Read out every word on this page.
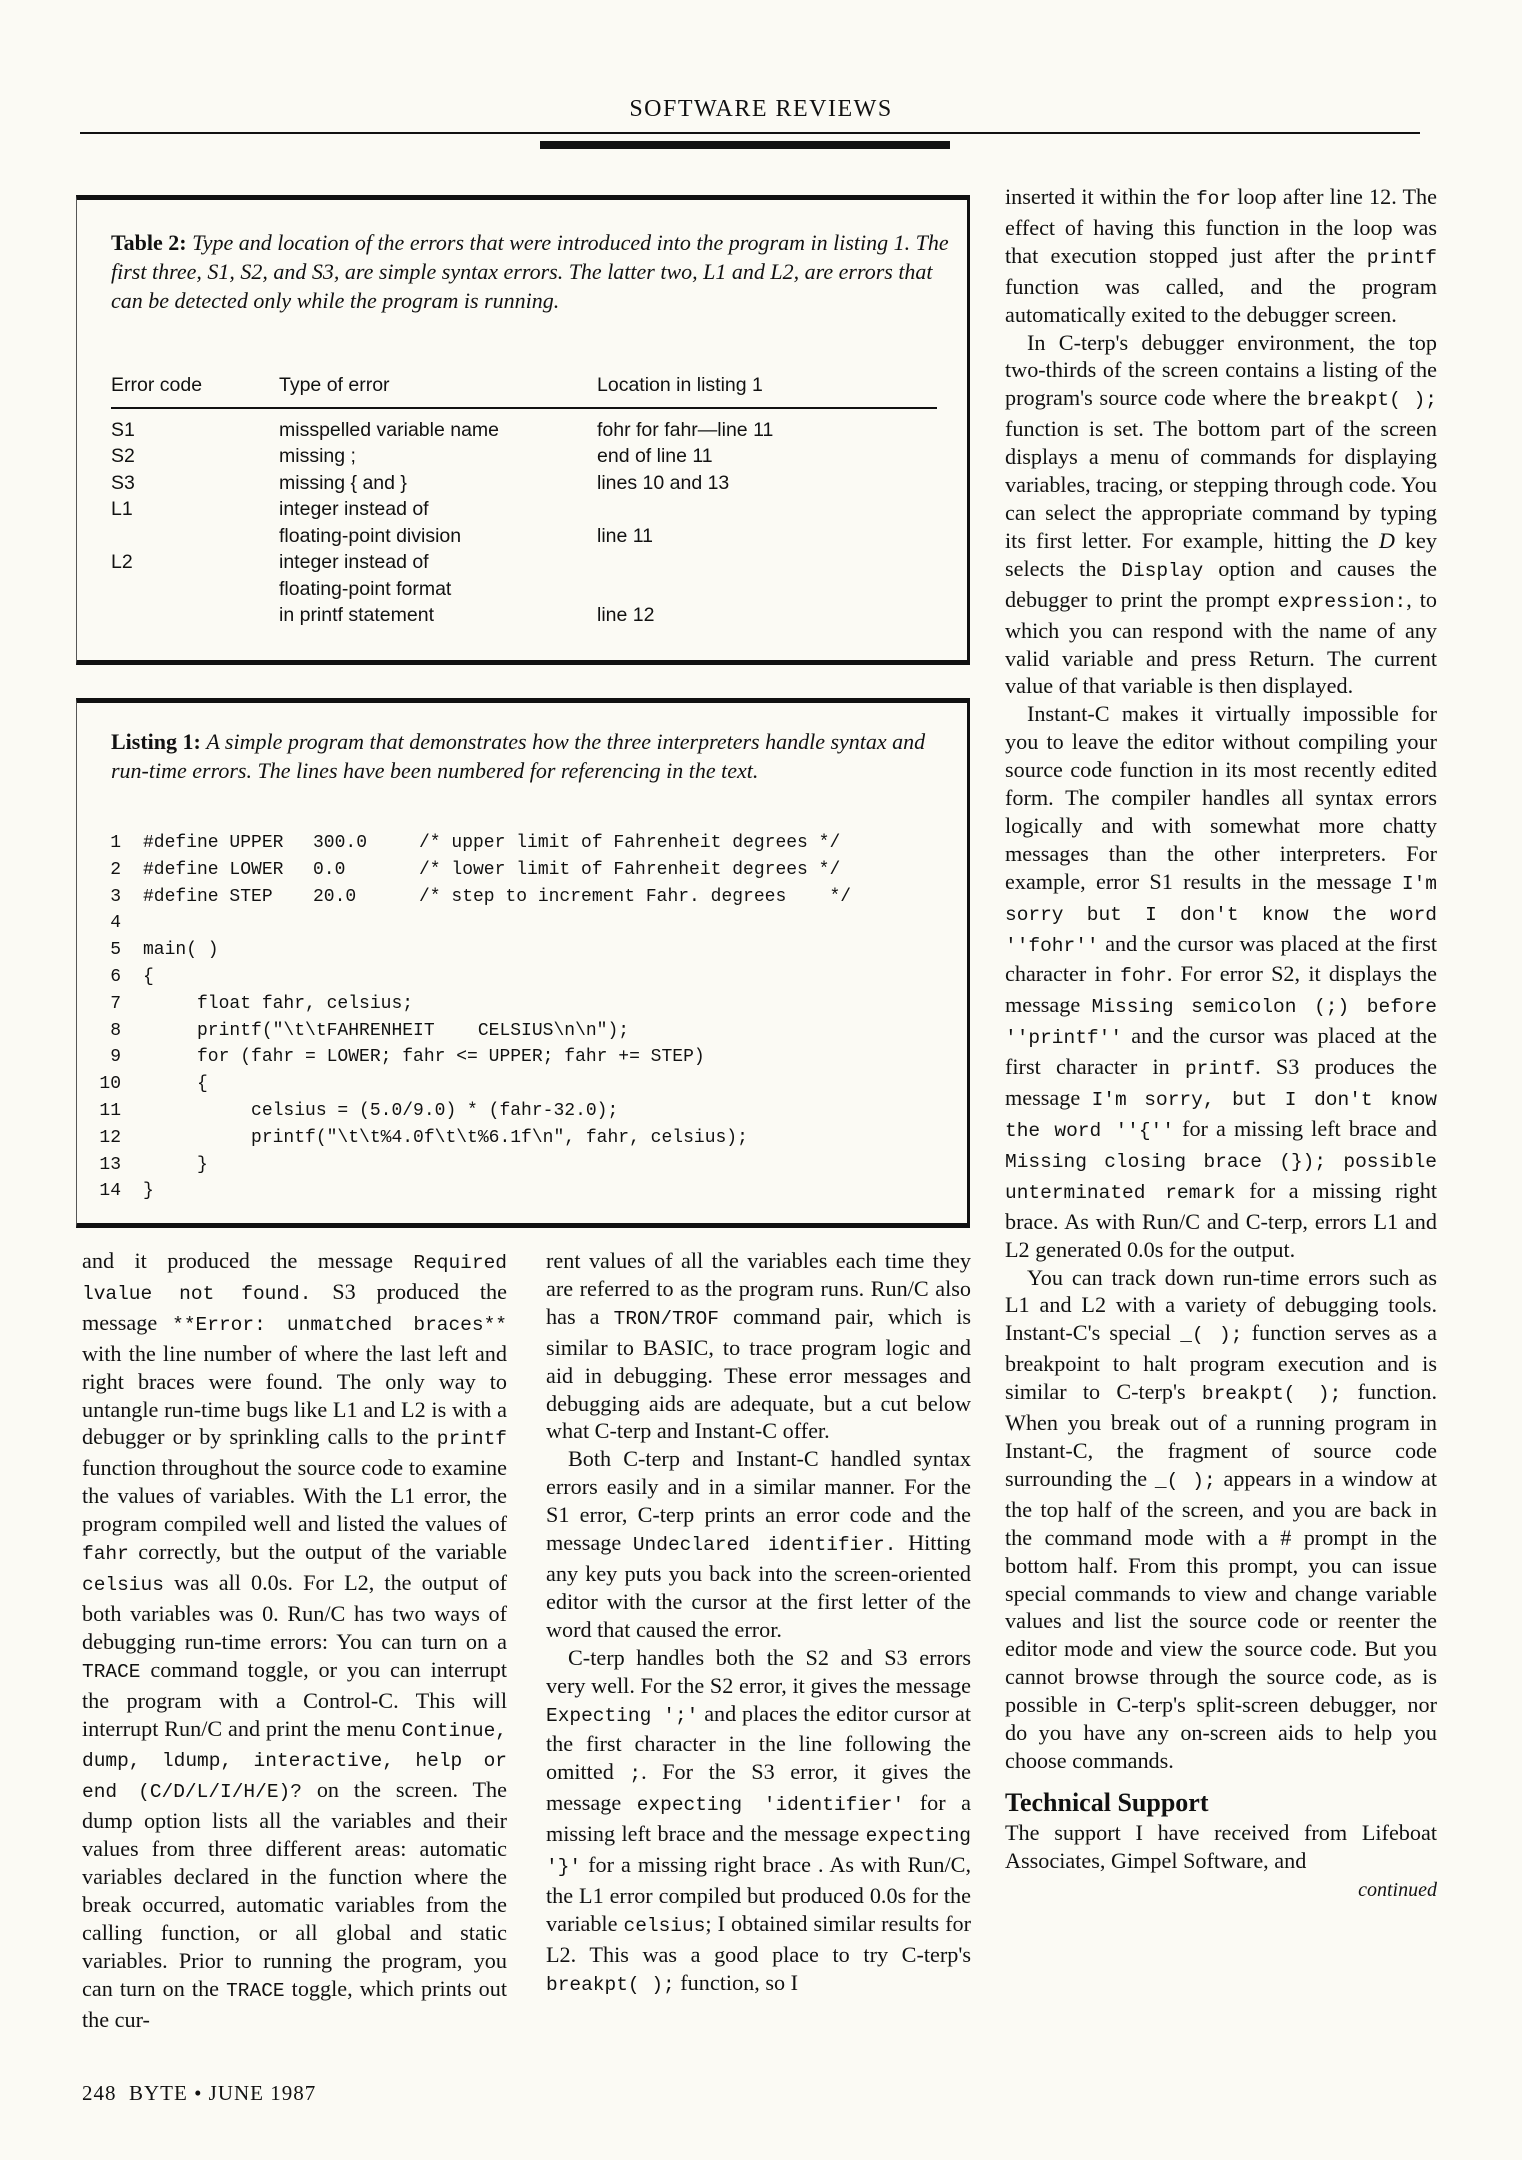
SOFTWARE REVIEWS
Table 2: Type and location of the errors that were introduced into the program in listing 1. The first three, S1, S2, and S3, are simple syntax errors. The latter two, L1 and L2, are errors that can be detected only while the program is running.
Error code	Type of error	Location in listing 1
S1	misspelled variable name	fohr for fahr—line 11
S2	missing ;	end of line 11
S3	missing { and }	lines 10 and 13
L1	integer instead of
floating-point division	line 11

L2	integer instead of
floating-point format
in printf statement	line 12
Listing 1: A simple program that demonstrates how the three interpreters handle syntax and run-time errors. The lines have been numbered for referencing in the text.
1 #define UPPER 300.0	/* upper limit of Fahrenheit degrees */
2 #define LOWER 0.0	/* lower limit of Fahrenheit degrees */
3 #define STEP 20.0	/* step to increment Fahr. degrees    */
4
5 main( )
6 {
7 float fahr, celsius;
8 printf("\t\tFAHRENHEIT    CELSIUS\n\n");
9 for (fahr = LOWER; fahr <= UPPER; fahr += STEP)
10 {
11 celsius = (5.0/9.0) * (fahr-32.0);
12 printf("\t\t%4.0f\t\t%6.1f\n", fahr, celsius);
13 }
14 }

and it produced the message Required lvalue not found. S3 produced the message **Error: unmatched braces** with the line number of where the last left and right braces were found. The only way to untangle run-time bugs like L1 and L2 is with a debugger or by sprinkling calls to the printf function throughout the source code to examine the values of variables. With the L1 error, the program compiled well and listed the values of fahr correctly, but the output of the variable celsius was all 0.0s. For L2, the output of both variables was 0. Run/C has two ways of debugging run-time errors: You can turn on a TRACE command toggle, or you can interrupt the program with a Control-C. This will interrupt Run/C and print the menu Continue, dump, ldump, interactive, help or end (C/D/L/I/H/E)? on the screen. The dump option lists all the variables and their values from three different areas: automatic variables declared in the function where the break occurred, automatic variables from the calling function, or all global and static variables. Prior to running the program, you can turn on the TRACE toggle, which prints out the cur-

rent values of all the variables each time they are referred to as the program runs. Run/C also has a TRON/TROF command pair, which is similar to BASIC, to trace program logic and aid in debugging. These error messages and debugging aids are adequate, but a cut below what C-terp and Instant-C offer.

Both C-terp and Instant-C handled syntax errors easily and in a similar manner. For the S1 error, C-terp prints an error code and the message Undeclared identifier. Hitting any key puts you back into the screen-oriented editor with the cursor at the first letter of the word that caused the error.

C-terp handles both the S2 and S3 errors very well. For the S2 error, it gives the message Expecting ';' and places the editor cursor at the first character in the line following the omitted ;. For the S3 error, it gives the message expecting 'identifier' for a missing left brace and the message expecting '}' for a missing right brace . As with Run/C, the L1 error compiled but produced 0.0s for the variable celsius; I obtained similar results for L2. This was a good place to try C-terp's breakpt( ); function, so I

inserted it within the for loop after line 12. The effect of having this function in the loop was that execution stopped just after the printf function was called, and the program automatically exited to the debugger screen.

In C-terp's debugger environment, the top two-thirds of the screen contains a listing of the program's source code where the breakpt( ); function is set. The bottom part of the screen displays a menu of commands for displaying variables, tracing, or stepping through code. You can select the appropriate command by typing its first letter. For example, hitting the D key selects the Display option and causes the debugger to print the prompt expression:, to which you can respond with the name of any valid variable and press Return. The current value of that variable is then displayed.

Instant-C makes it virtually impossible for you to leave the editor without compiling your source code function in its most recently edited form. The compiler handles all syntax errors logically and with somewhat more chatty messages than the other interpreters. For example, error S1 results in the message I'm sorry but I don't know the word ''fohr'' and the cursor was placed at the first character in fohr. For error S2, it displays the message Missing semicolon (;) before ''printf'' and the cursor was placed at the first character in printf. S3 produces the message I'm sorry, but I don't know the word ''{'' for a missing left brace and Missing closing brace (}); possible unterminated remark for a missing right brace. As with Run/C and C-terp, errors L1 and L2 generated 0.0s for the output.

You can track down run-time errors such as L1 and L2 with a variety of debugging tools. Instant-C's special _( ); function serves as a breakpoint to halt program execution and is similar to C-terp's breakpt( ); function. When you break out of a running program in Instant-C, the fragment of source code surrounding the _( ); appears in a window at the top half of the screen, and you are back in the command mode with a # prompt in the bottom half. From this prompt, you can issue special commands to view and change variable values and list the source code or reenter the editor mode and view the source code. But you cannot browse through the source code, as is possible in C-terp's split-screen debugger, nor do you have any on-screen aids to help you choose commands.

Technical Support

The support I have received from Lifeboat Associates, Gimpel Software, and

continued
248  BYTE • JUNE 1987
